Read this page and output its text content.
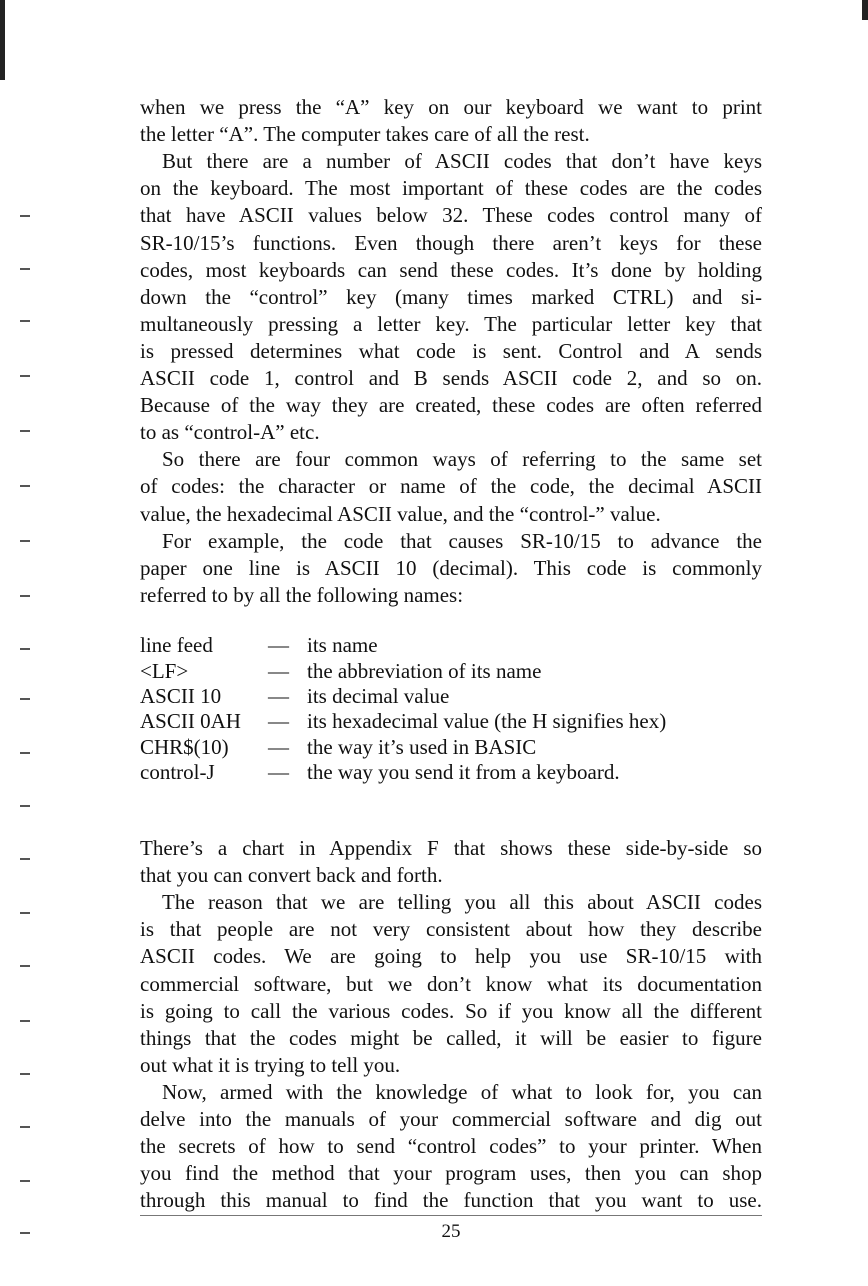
when we press the “A” key on our keyboard we want to print
the letter “A”. The computer takes care of all the rest.
But there are a number of ASCII codes that don’t have keys
on the keyboard. The most important of these codes are the codes
that have ASCII values below 32. These codes control many of
SR-10/15’s functions. Even though there aren’t keys for these
codes, most keyboards can send these codes. It’s done by holding
down the “control” key (many times marked CTRL) and si-
multaneously pressing a letter key. The particular letter key that
is pressed determines what code is sent. Control and A sends
ASCII code 1, control and B sends ASCII code 2, and so on.
Because of the way they are created, these codes are often referred
to as “control-A” etc.
So there are four common ways of referring to the same set
of codes: the character or name of the code, the decimal ASCII
value, the hexadecimal ASCII value, and the “control-” value.
For example, the code that causes SR-10/15 to advance the
paper one line is ASCII 10 (decimal). This code is commonly
referred to by all the following names:
line feed	— its name
<LF>	— the abbreviation of its name
ASCII 10 — its decimal value
ASCII 0AH — its hexadecimal value (the H signifies hex)
CHR$(10) — the way it’s used in BASIC
control-J	— the way you send it from a keyboard.
There’s a chart in Appendix F that shows these side-by-side so
that you can convert back and forth.
The reason that we are telling you all this about ASCII codes
is that people are not very consistent about how they describe
ASCII codes. We are going to help you use SR-10/15 with
commercial software, but we don’t know what its documentation
is going to call the various codes. So if you know all the different
things that the codes might be called, it will be easier to figure
out what it is trying to tell you.
Now, armed with the knowledge of what to look for, you can
delve into the manuals of your commercial software and dig out
the secrets of how to send “control codes” to your printer. When
you find the method that your program uses, then you can shop
through this manual to find the function that you want to use.
25
